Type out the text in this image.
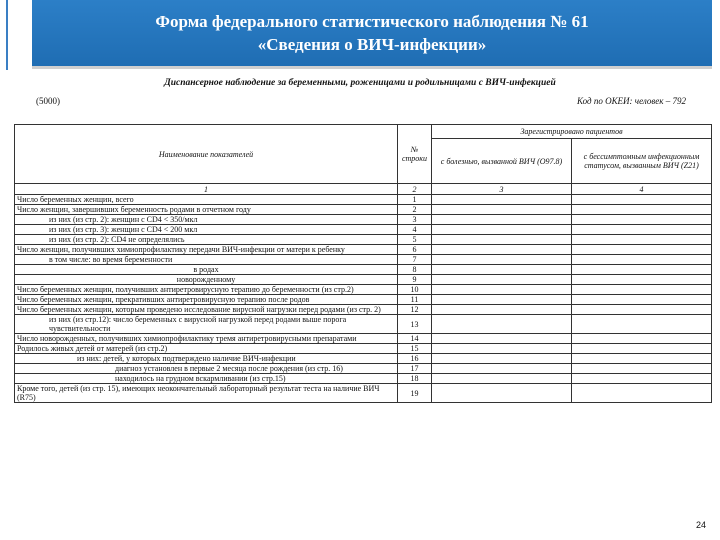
Форма федерального статистического наблюдения № 61
«Сведения о ВИЧ-инфекции»
Диспансерное наблюдение за беременными, роженицами и родильницами с ВИЧ-инфекцией
(5000)	Код по ОКЕИ: человек – 792
Наименование показателей	№ строки	Зарегистрировано пациентов	
		с болезнью, вызванной ВИЧ (О97.8)	с бессимптомным инфекционным статусом, вызванным ВИЧ (Z21)
1	2	3	4
Число беременных женщин, всего	1		
Число женщин, завершивших беременность родами в отчетном году	2		
из них (из стр. 2): женщин с CD4 < 350/мкл	3		
из них (из стр. 3): женщин с CD4 < 200 мкл	4		
из них (из стр. 2): CD4 не определялись	5		
Число женщин, получивших химиопрофилактику передачи ВИЧ-инфекции от матери к ребенку	6		
в том числе: во время беременности	7		
в родах	8		
новорожденному	9		
Число беременных женщин, получивших антиретровирусную терапию до беременности (из стр.2)	10		
Число беременных женщин, прекративших антиретровирусную терапию после родов	11		
Число беременных женщин, которым проведено исследование вирусной нагрузки перед родами (из стр. 2)	12		
из них (из стр.12): число беременных с вирусной нагрузкой перед родами выше порога чувствительности	13		
Число новорожденных, получивших химиопрофилактику тремя антиретровирусными препаратами	14		
Родилось живых детей от матерей (из стр.2)	15		
из них: детей, у которых подтверждено наличие ВИЧ-инфекции	16		
диагноз установлен в первые 2 месяца после рождения (из стр. 16)	17		
находилось на грудном вскармливании (из стр.15)	18		
Кроме того, детей (из стр. 15), имеющих неокончательный лабораторный результат теста на наличие ВИЧ (R75)	19		
24
